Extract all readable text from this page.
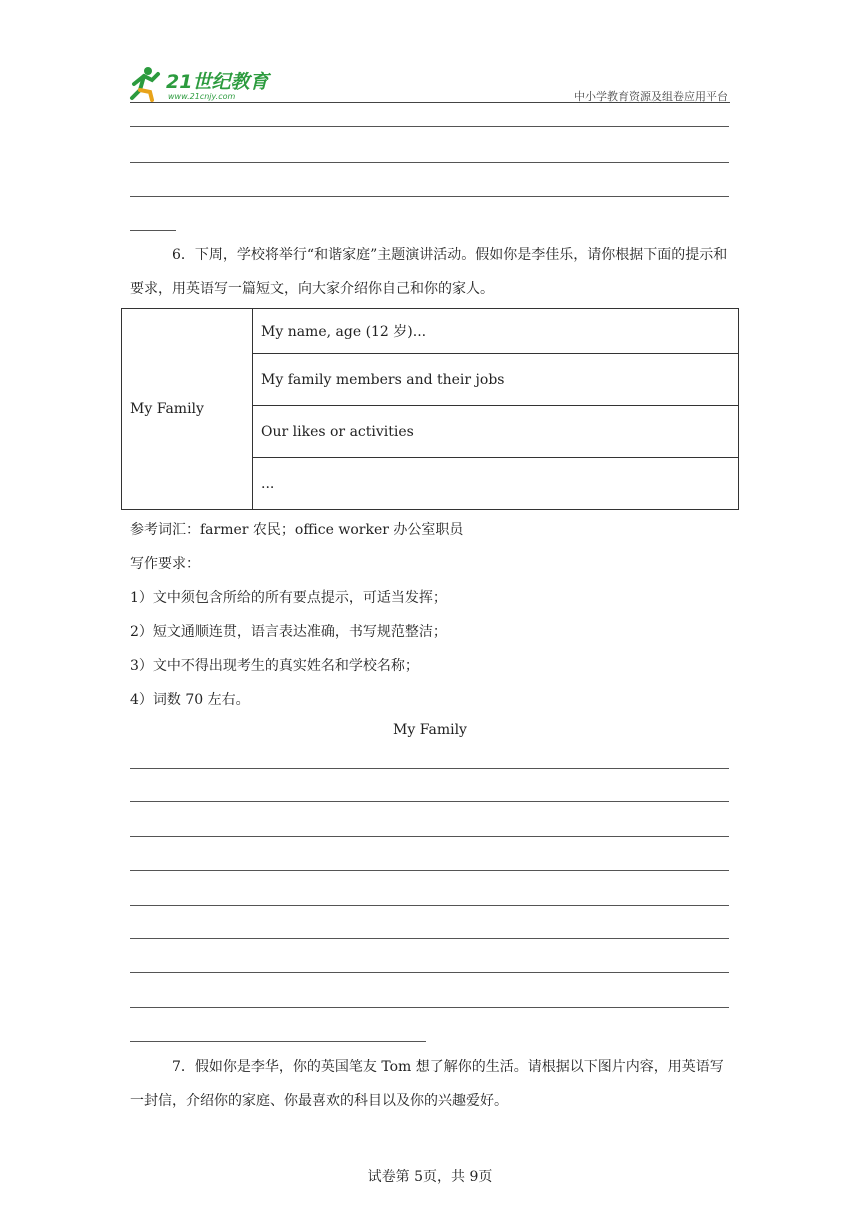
21世纪教育
www.21cnjy.com	中小学教育资源及组卷应用平台

6．下周，学校将举行“和谐家庭”主题演讲活动。假如你是李佳乐，请你根据下面的提示和要求，用英语写一篇短文，向大家介绍你自己和你的家人。

My Family	My name, age (12 岁)...
My family members and their jobs
Our likes or activities
...
参考词汇：farmer 农民；office worker 办公室职员
写作要求：
1）文中须包含所给的所有要点提示，可适当发挥；
2）短文通顺连贯，语言表达准确，书写规范整洁；
3）文中不得出现考生的真实姓名和学校名称；
4）词数 70 左右。
My Family

7．假如你是李华，你的英国笔友 Tom 想了解你的生活。请根据以下图片内容，用英语写一封信，介绍你的家庭、你最喜欢的科目以及你的兴趣爱好。

试卷第 5页，共 9页
